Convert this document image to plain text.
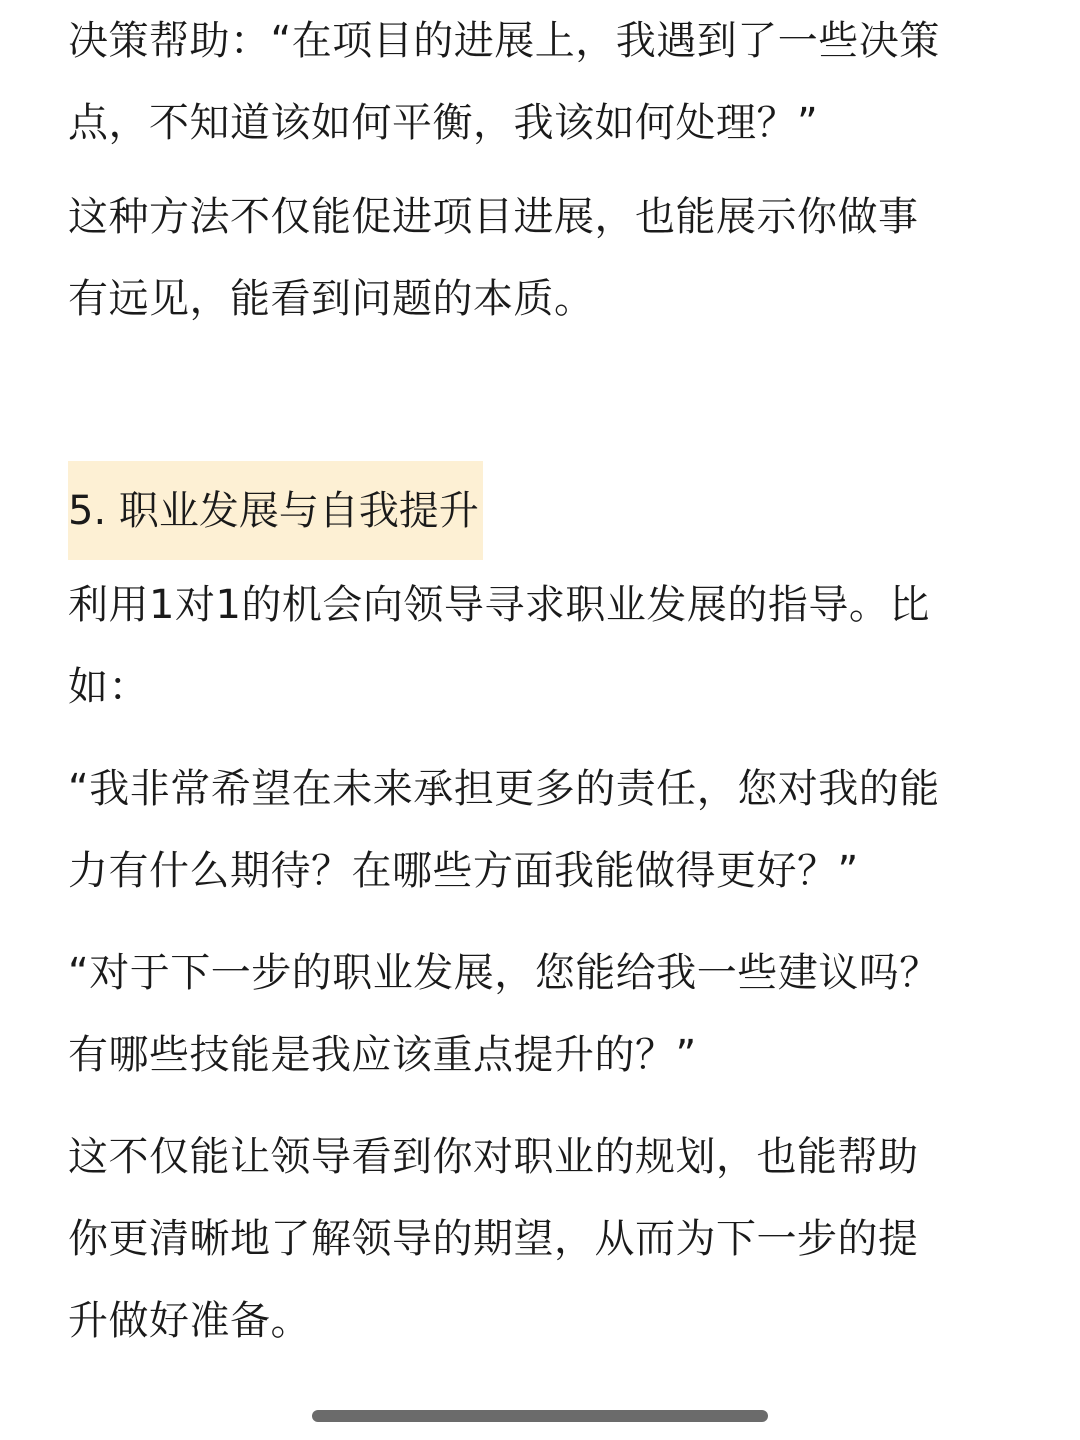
决策帮助：“在项目的进展上，我遇到了一些决策
点，不知道该如何平衡，我该如何处理？”
这种方法不仅能促进项目进展，也能展示你做事
有远见，能看到问题的本质。
5. 职业发展与自我提升
利用1对1的机会向领导寻求职业发展的指导。比
如：
“我非常希望在未来承担更多的责任，您对我的能
力有什么期待？在哪些方面我能做得更好？”
“对于下一步的职业发展，您能给我一些建议吗？
有哪些技能是我应该重点提升的？”
这不仅能让领导看到你对职业的规划，也能帮助
你更清晰地了解领导的期望，从而为下一步的提
升做好准备。
